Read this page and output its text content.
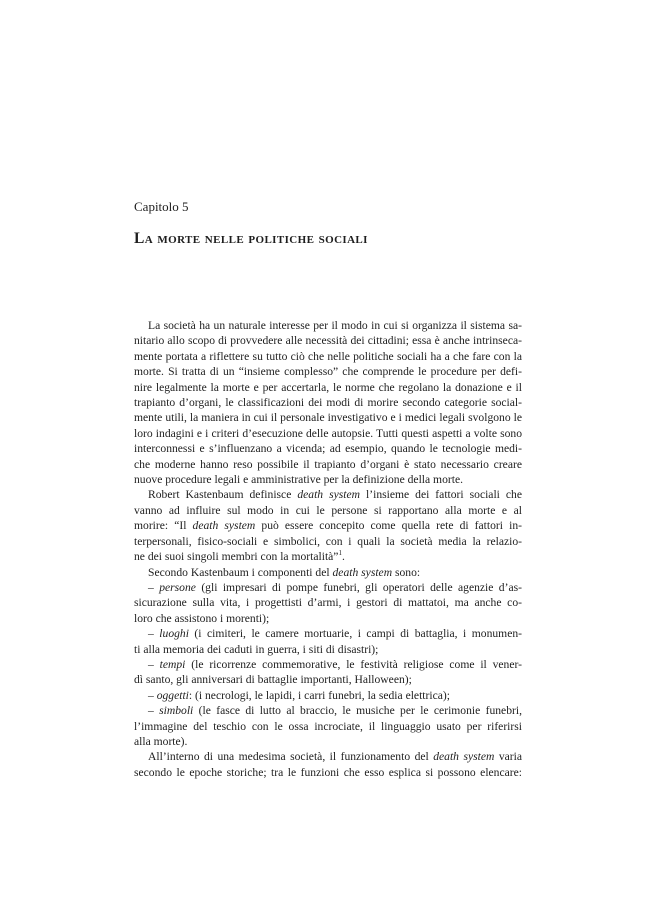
Capitolo 5
La morte nelle politiche sociali
La società ha un naturale interesse per il modo in cui si organizza il sistema sa-
nitario allo scopo di provvedere alle necessità dei cittadini; essa è anche intrinseca-
mente portata a riflettere su tutto ciò che nelle politiche sociali ha a che fare con la
morte. Si tratta di un “insieme complesso” che comprende le procedure per defi-
nire legalmente la morte e per accertarla, le norme che regolano la donazione e il
trapianto d’organi, le classificazioni dei modi di morire secondo categorie social-
mente utili, la maniera in cui il personale investigativo e i medici legali svolgono le
loro indagini e i criteri d’esecuzione delle autopsie. Tutti questi aspetti a volte sono
interconnessi e s’influenzano a vicenda; ad esempio, quando le tecnologie medi-
che moderne hanno reso possibile il trapianto d’organi è stato necessario creare
nuove procedure legali e amministrative per la definizione della morte.
Robert Kastenbaum definisce death system l’insieme dei fattori sociali che
vanno ad influire sul modo in cui le persone si rapportano alla morte e al
morire: “Il death system può essere concepito come quella rete di fattori in-
terpersonali, fisico-sociali e simbolici, con i quali la società media la relazio-
ne dei suoi singoli membri con la mortalità”$^1$.
Secondo Kastenbaum i componenti del death system sono:
– persone (gli impresari di pompe funebri, gli operatori delle agenzie d’as-
sicurazione sulla vita, i progettisti d’armi, i gestori di mattatoi, ma anche co-
loro che assistono i morenti);
– luoghi (i cimiteri, le camere mortuarie, i campi di battaglia, i monumen-
ti alla memoria dei caduti in guerra, i siti di disastri);
– tempi (le ricorrenze commemorative, le festività religiose come il vener-
dì santo, gli anniversari di battaglie importanti, Halloween);
– oggetti: (i necrologi, le lapidi, i carri funebri, la sedia elettrica);
– simboli (le fasce di lutto al braccio, le musiche per le cerimonie funebri,
l’immagine del teschio con le ossa incrociate, il linguaggio usato per riferirsi
alla morte).
All’interno di una medesima società, il funzionamento del death system varia
secondo le epoche storiche; tra le funzioni che esso esplica si possono elencare:
